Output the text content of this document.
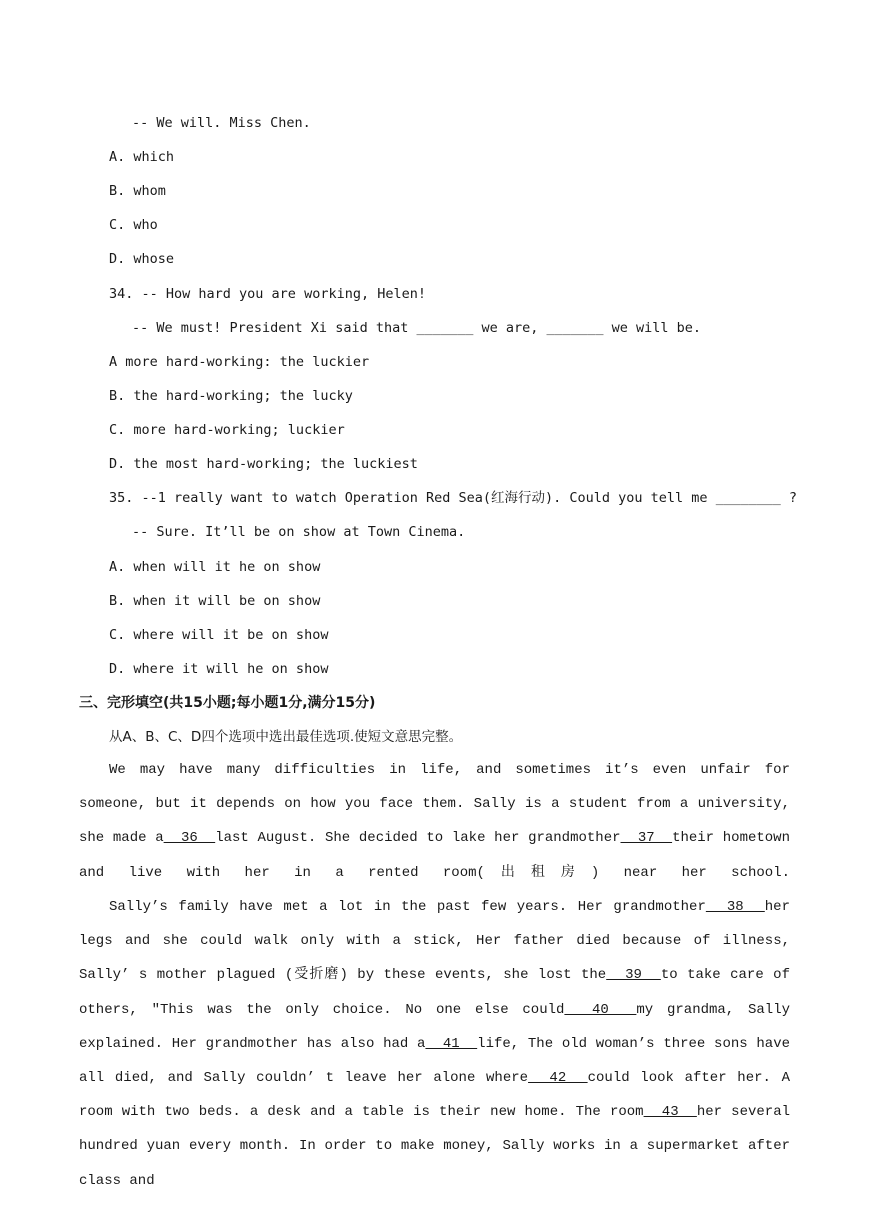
-- We will. Miss Chen.
A. which
B. whom
C. who
D. whose
34. -- How hard you are working, Helen!
-- We must! President Xi said that _______ we are, _______ we will be.
A more hard-working: the luckier
B. the hard-working; the lucky
C. more hard-working; luckier
D. the most hard-working; the luckiest
35. --1 really want to watch Operation Red Sea(红海行动). Could you tell me ________ ?
-- Sure. It’ll be on show at Town Cinema.
A. when will it he on show
B. when it will be on show
C. where will it be on show
D. where it will he on show
三、完形填空(共15小题;每小题1分,满分15分)
从A、B、C、D四个选项中选出最佳选项.使短文意思完整。
We may have many difficulties in life, and sometimes it’s even unfair for someone, but it depends on how you face them. Sally is a student from a university, she made a  36  last August. She decided to lake her grandmother  37  their hometown and live with her in a rented room(出租房) near her school.
Sally’s family have met a lot in the past few years. Her grandmother  38  her legs and she could walk only with a stick, Her father died because of illness, Sally’ s mother plagued (受折磨) by these events, she lost the  39  to take care of others, "This was the only choice. No one else could  40  my grandma, Sally explained. Her grandmother has also had a  41  life, The old woman’s three sons have all died, and Sally couldn’ t leave her alone where  42  could look after her. A room with two beds. a desk and a table is their new home. The room  43  her several hundred yuan every month. In order to make money, Sally works in a supermarket after class and
